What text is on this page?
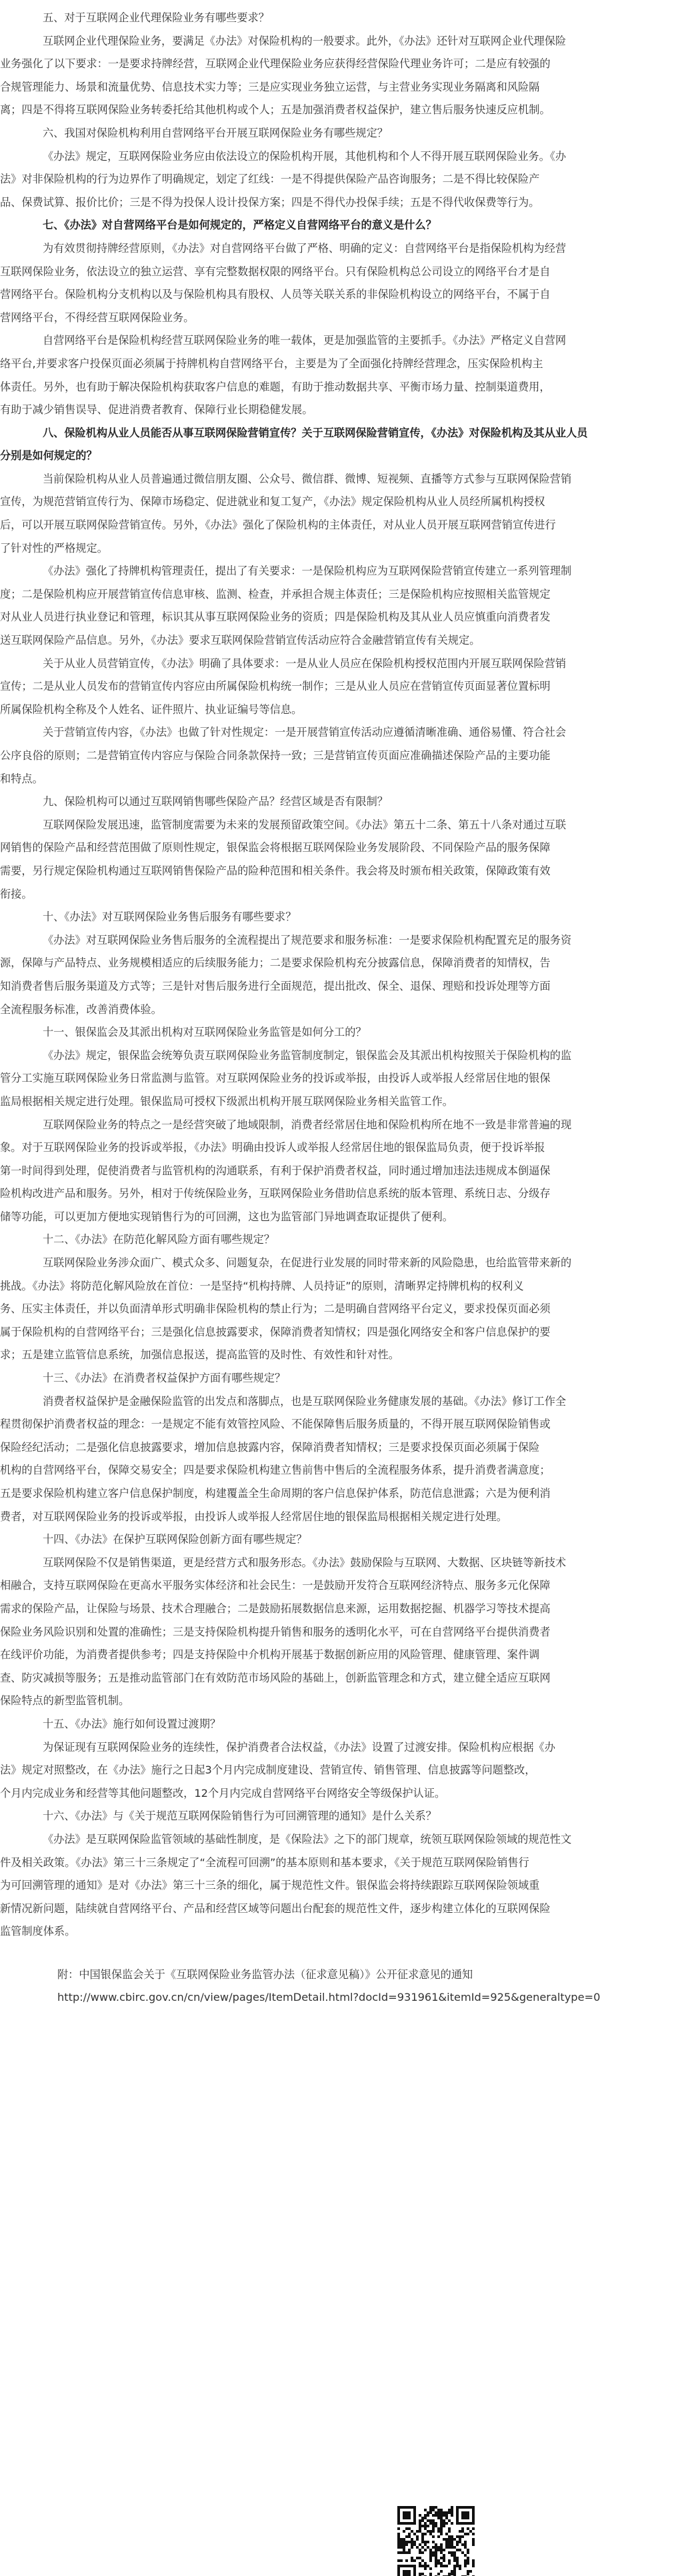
五、对于互联网企业代理保险业务有哪些要求？
互联网企业代理保险业务，要满足《办法》对保险机构的一般要求。此外，《办法》还针对互联网企业代理保险
业务强化了以下要求：一是要求持牌经营，互联网企业代理保险业务应获得经营保险代理业务许可；二是应有较强的
合规管理能力、场景和流量优势、信息技术实力等；三是应实现业务独立运营，与主营业务实现业务隔离和风险隔
离；四是不得将互联网保险业务转委托给其他机构或个人；五是加强消费者权益保护，建立售后服务快速反应机制。
六、我国对保险机构利用自营网络平台开展互联网保险业务有哪些规定？
《办法》规定，互联网保险业务应由依法设立的保险机构开展，其他机构和个人不得开展互联网保险业务。《办
法》对非保险机构的行为边界作了明确规定，划定了红线：一是不得提供保险产品咨询服务；二是不得比较保险产
品、保费试算、报价比价；三是不得为投保人设计投保方案；四是不得代办投保手续；五是不得代收保费等行为。
七、《办法》对自营网络平台是如何规定的，严格定义自营网络平台的意义是什么？
为有效贯彻持牌经营原则，《办法》对自营网络平台做了严格、明确的定义：自营网络平台是指保险机构为经营
互联网保险业务，依法设立的独立运营、享有完整数据权限的网络平台。只有保险机构总公司设立的网络平台才是自
营网络平台。保险机构分支机构以及与保险机构具有股权、人员等关联关系的非保险机构设立的网络平台，不属于自
营网络平台，不得经营互联网保险业务。
自营网络平台是保险机构经营互联网保险业务的唯一载体，更是加强监管的主要抓手。《办法》严格定义自营网
络平台,并要求客户投保页面必须属于持牌机构自营网络平台，主要是为了全面强化持牌经营理念，压实保险机构主
体责任。另外，也有助于解决保险机构获取客户信息的难题，有助于推动数据共享、平衡市场力量、控制渠道费用，
有助于减少销售误导、促进消费者教育、保障行业长期稳健发展。
八、保险机构从业人员能否从事互联网保险营销宣传？关于互联网保险营销宣传，《办法》对保险机构及其从业人员
分别是如何规定的？
当前保险机构从业人员普遍通过微信朋友圈、公众号、微信群、微博、短视频、直播等方式参与互联网保险营销
宣传，为规范营销宣传行为、保障市场稳定、促进就业和复工复产，《办法》规定保险机构从业人员经所属机构授权
后，可以开展互联网保险营销宣传。另外，《办法》强化了保险机构的主体责任，对从业人员开展互联网营销宣传进行
了针对性的严格规定。
《办法》强化了持牌机构管理责任，提出了有关要求：一是保险机构应为互联网保险营销宣传建立一系列管理制
度；二是保险机构应开展营销宣传信息审核、监测、检查，并承担合规主体责任；三是保险机构应按照相关监管规定
对从业人员进行执业登记和管理，标识其从事互联网保险业务的资质；四是保险机构及其从业人员应慎重向消费者发
送互联网保险产品信息。另外，《办法》要求互联网保险营销宣传活动应符合金融营销宣传有关规定。
关于从业人员营销宣传，《办法》明确了具体要求：一是从业人员应在保险机构授权范围内开展互联网保险营销
宣传；二是从业人员发布的营销宣传内容应由所属保险机构统一制作；三是从业人员应在营销宣传页面显著位置标明
所属保险机构全称及个人姓名、证件照片、执业证编号等信息。
关于营销宣传内容，《办法》也做了针对性规定：一是开展营销宣传活动应遵循清晰准确、通俗易懂、符合社会
公序良俗的原则；二是营销宣传内容应与保险合同条款保持一致；三是营销宣传页面应准确描述保险产品的主要功能
和特点。
九、保险机构可以通过互联网销售哪些保险产品？经营区域是否有限制？
互联网保险发展迅速，监管制度需要为未来的发展预留政策空间。《办法》第五十二条、第五十八条对通过互联
网销售的保险产品和经营范围做了原则性规定，银保监会将根据互联网保险业务发展阶段、不同保险产品的服务保障
需要，另行规定保险机构通过互联网销售保险产品的险种范围和相关条件。我会将及时颁布相关政策，保障政策有效
衔接。
十、《办法》对互联网保险业务售后服务有哪些要求？
《办法》对互联网保险业务售后服务的全流程提出了规范要求和服务标准：一是要求保险机构配置充足的服务资
源，保障与产品特点、业务规模相适应的后续服务能力；二是要求保险机构充分披露信息，保障消费者的知情权，告
知消费者售后服务渠道及方式等；三是针对售后服务进行全面规范，提出批改、保全、退保、理赔和投诉处理等方面
全流程服务标准，改善消费体验。
十一、银保监会及其派出机构对互联网保险业务监管是如何分工的？
《办法》规定，银保监会统筹负责互联网保险业务监管制度制定，银保监会及其派出机构按照关于保险机构的监
管分工实施互联网保险业务日常监测与监管。对互联网保险业务的投诉或举报，由投诉人或举报人经常居住地的银保
监局根据相关规定进行处理。银保监局可授权下级派出机构开展互联网保险业务相关监管工作。
互联网保险业务的特点之一是经营突破了地域限制，消费者经常居住地和保险机构所在地不一致是非常普遍的现
象。对于互联网保险业务的投诉或举报，《办法》明确由投诉人或举报人经常居住地的银保监局负责，便于投诉举报
第一时间得到处理，促使消费者与监管机构的沟通联系，有利于保护消费者权益，同时通过增加违法违规成本倒逼保
险机构改进产品和服务。另外，相对于传统保险业务，互联网保险业务借助信息系统的版本管理、系统日志、分级存
储等功能，可以更加方便地实现销售行为的可回溯，这也为监管部门异地调查取证提供了便利。
十二、《办法》在防范化解风险方面有哪些规定？
互联网保险业务涉众面广、模式众多、问题复杂，在促进行业发展的同时带来新的风险隐患，也给监管带来新的
挑战。《办法》将防范化解风险放在首位：一是坚持“机构持牌、人员持证”的原则，清晰界定持牌机构的权利义
务、压实主体责任，并以负面清单形式明确非保险机构的禁止行为；二是明确自营网络平台定义，要求投保页面必须
属于保险机构的自营网络平台；三是强化信息披露要求，保障消费者知情权；四是强化网络安全和客户信息保护的要
求；五是建立监管信息系统，加强信息报送，提高监管的及时性、有效性和针对性。
十三、《办法》在消费者权益保护方面有哪些规定？
消费者权益保护是金融保险监管的出发点和落脚点，也是互联网保险业务健康发展的基础。《办法》修订工作全
程贯彻保护消费者权益的理念：一是规定不能有效管控风险、不能保障售后服务质量的，不得开展互联网保险销售或
保险经纪活动；二是强化信息披露要求，增加信息披露内容，保障消费者知情权；三是要求投保页面必须属于保险
机构的自营网络平台，保障交易安全；四是要求保险机构建立售前售中售后的全流程服务体系，提升消费者满意度；
五是要求保险机构建立客户信息保护制度，构建覆盖全生命周期的客户信息保护体系，防范信息泄露；六是为便利消
费者，对互联网保险业务的投诉或举报，由投诉人或举报人经常居住地的银保监局根据相关规定进行处理。
十四、《办法》在保护互联网保险创新方面有哪些规定？
互联网保险不仅是销售渠道，更是经营方式和服务形态。《办法》鼓励保险与互联网、大数据、区块链等新技术
相融合，支持互联网保险在更高水平服务实体经济和社会民生：一是鼓励开发符合互联网经济特点、服务多元化保障
需求的保险产品，让保险与场景、技术合理融合；二是鼓励拓展数据信息来源，运用数据挖掘、机器学习等技术提高
保险业务风险识别和处置的准确性；三是支持保险机构提升销售和服务的透明化水平，可在自营网络平台提供消费者
在线评价功能，为消费者提供参考；四是支持保险中介机构开展基于数据创新应用的风险管理、健康管理、案件调
查、防灾减损等服务；五是推动监管部门在有效防范市场风险的基础上，创新监管理念和方式，建立健全适应互联网
保险特点的新型监管机制。
十五、《办法》施行如何设置过渡期？
为保证现有互联网保险业务的连续性，保护消费者合法权益，《办法》设置了过渡安排。保险机构应根据《办
法》规定对照整改，在《办法》施行之日起3个月内完成制度建设、营销宣传、销售管理、信息披露等问题整改，
个月内完成业务和经营等其他问题整改，12个月内完成自营网络平台网络安全等级保护认证。
十六、《办法》与《关于规范互联网保险销售行为可回溯管理的通知》是什么关系？
《办法》是互联网保险监管领域的基础性制度，是《保险法》之下的部门规章，统领互联网保险领域的规范性文
件及相关政策。《办法》第三十三条规定了“全流程可回溯”的基本原则和基本要求，《关于规范互联网保险销售行
为可回溯管理的通知》是对《办法》第三十三条的细化，属于规范性文件。银保监会将持续跟踪互联网保险领域重
新情况新问题，陆续就自营网络平台、产品和经营区域等问题出台配套的规范性文件，逐步构建立体化的互联网保险
监管制度体系。

附：中国银保监会关于《互联网保险业务监管办法（征求意见稿）》公开征求意见的通知

http://www.cbirc.gov.cn/cn/view/pages/ItemDetail.html?docId=931961&itemId=925&generaltype=0
